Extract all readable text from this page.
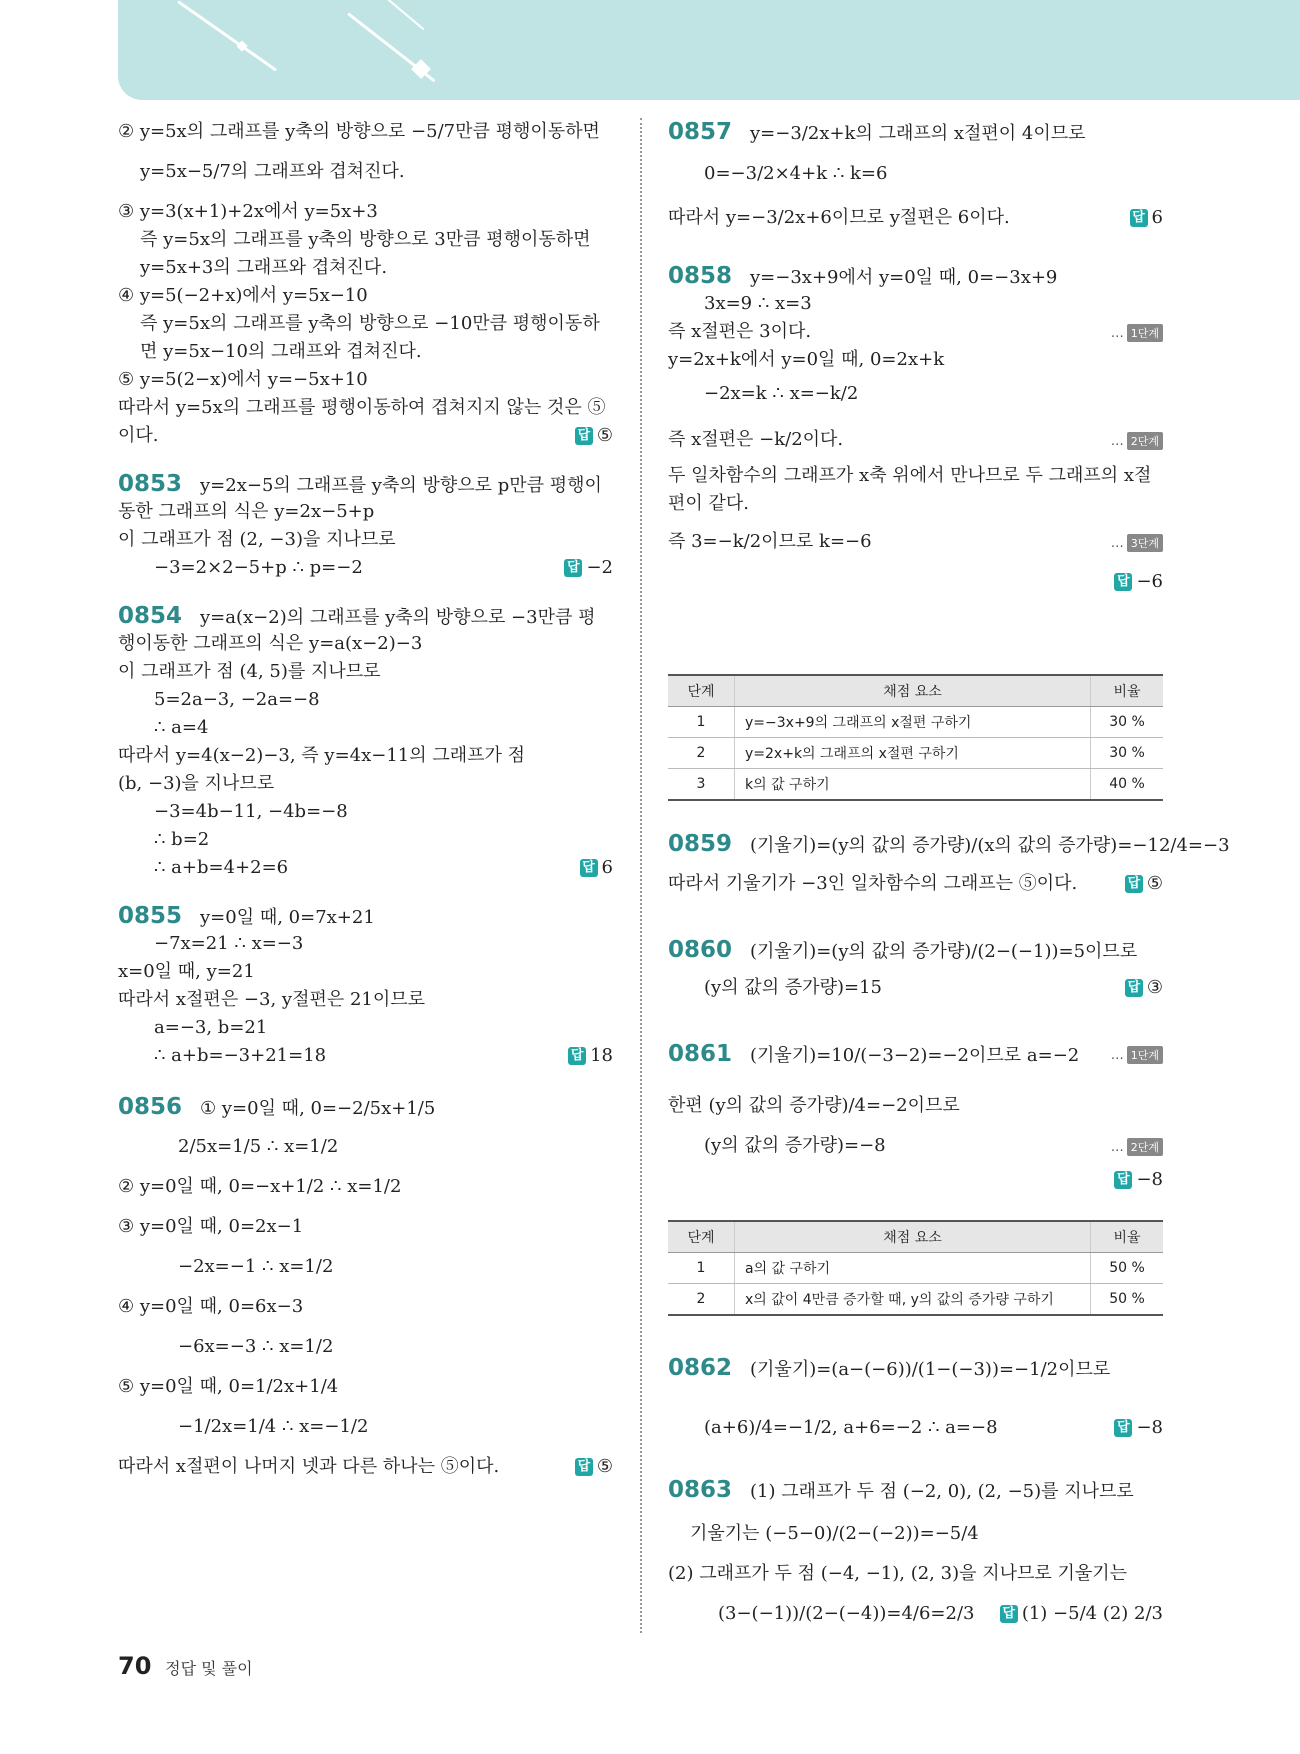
② y=5x의 그래프를 y축의 방향으로 −5/7만큼 평행이동하면
y=5x−5/7의 그래프와 겹쳐진다.
③ y=3(x+1)+2x에서 y=5x+3
즉 y=5x의 그래프를 y축의 방향으로 3만큼 평행이동하면
y=5x+3의 그래프와 겹쳐진다.
④ y=5(−2+x)에서 y=5x−10
즉 y=5x의 그래프를 y축의 방향으로 −10만큼 평행이동하
면 y=5x−10의 그래프와 겹쳐진다.
⑤ y=5(2−x)에서 y=−5x+10
따라서 y=5x의 그래프를 평행이동하여 겹쳐지지 않는 것은 ⑤
이다.	답 ⑤
0853 y=2x−5의 그래프를 y축의 방향으로 p만큼 평행이
동한 그래프의 식은 y=2x−5+p
이 그래프가 점 (2, −3)을 지나므로
−3=2×2−5+p ∴ p=−2	답 −2
0854 y=a(x−2)의 그래프를 y축의 방향으로 −3만큼 평
행이동한 그래프의 식은 y=a(x−2)−3
이 그래프가 점 (4, 5)를 지나므로
5=2a−3, −2a=−8
∴ a=4
따라서 y=4(x−2)−3, 즉 y=4x−11의 그래프가 점
(b, −3)을 지나므로
−3=4b−11, −4b=−8
∴ b=2
∴ a+b=4+2=6	답 6
0855 y=0일 때, 0=7x+21
−7x=21 ∴ x=−3
x=0일 때, y=21
따라서 x절편은 −3, y절편은 21이므로
a=−3, b=21
∴ a+b=−3+21=18	답 18
0856 ① y=0일 때, 0=−2/5x+1/5
2/5x=1/5 ∴ x=1/2
② y=0일 때, 0=−x+1/2 ∴ x=1/2
③ y=0일 때, 0=2x−1
−2x=−1 ∴ x=1/2
④ y=0일 때, 0=6x−3
−6x=−3 ∴ x=1/2
⑤ y=0일 때, 0=1/2x+1/4
−1/2x=1/4 ∴ x=−1/2
따라서 x절편이 나머지 넷과 다른 하나는 ⑤이다.	답 ⑤
0857 y=−3/2x+k의 그래프의 x절편이 4이므로
0=−3/2×4+k ∴ k=6
따라서 y=−3/2x+6이므로 y절편은 6이다.	답 6
0858 y=−3x+9에서 y=0일 때, 0=−3x+9
3x=9 ∴ x=3
즉 x절편은 3이다.	… 1단계
y=2x+k에서 y=0일 때, 0=2x+k
−2x=k ∴ x=−k/2
즉 x절편은 −k/2이다.	… 2단계
두 일차함수의 그래프가 x축 위에서 만나므로 두 그래프의 x절
편이 같다.
즉 3=−k/2이므로 k=−6	… 3단계
답 −6
단계	채점 요소	비율
1	y=−3x+9의 그래프의 x절편 구하기	30 %
2	y=2x+k의 그래프의 x절편 구하기	30 %
3	k의 값 구하기	40 %
0859 (기울기)=(y의 값의 증가량)/(x의 값의 증가량)=−12/4=−3
따라서 기울기가 −3인 일차함수의 그래프는 ⑤이다.	답 ⑤
0860 (기울기)=(y의 값의 증가량)/(2−(−1))=5이므로
(y의 값의 증가량)=15	답 ③
0861 (기울기)=10/(−3−2)=−2이므로 a=−2 … 1단계
한편 (y의 값의 증가량)/4=−2이므로
(y의 값의 증가량)=−8	… 2단계
답 −8
단계	채점 요소	비율
1	a의 값 구하기	50 %
2	x의 값이 4만큼 증가할 때, y의 값의 증가량 구하기	50 %
0862 (기울기)=(a−(−6))/(1−(−3))=−1/2이므로
(a+6)/4=−1/2, a+6=−2 ∴ a=−8	답 −8
0863 (1) 그래프가 두 점 (−2, 0), (2, −5)를 지나므로
기울기는 (−5−0)/(2−(−2))=−5/4
(2) 그래프가 두 점 (−4, −1), (2, 3)을 지나므로 기울기는
(3−(−1))/(2−(−4))=4/6=2/3 답 (1) −5/4 (2) 2/3
70 정답 및 풀이
